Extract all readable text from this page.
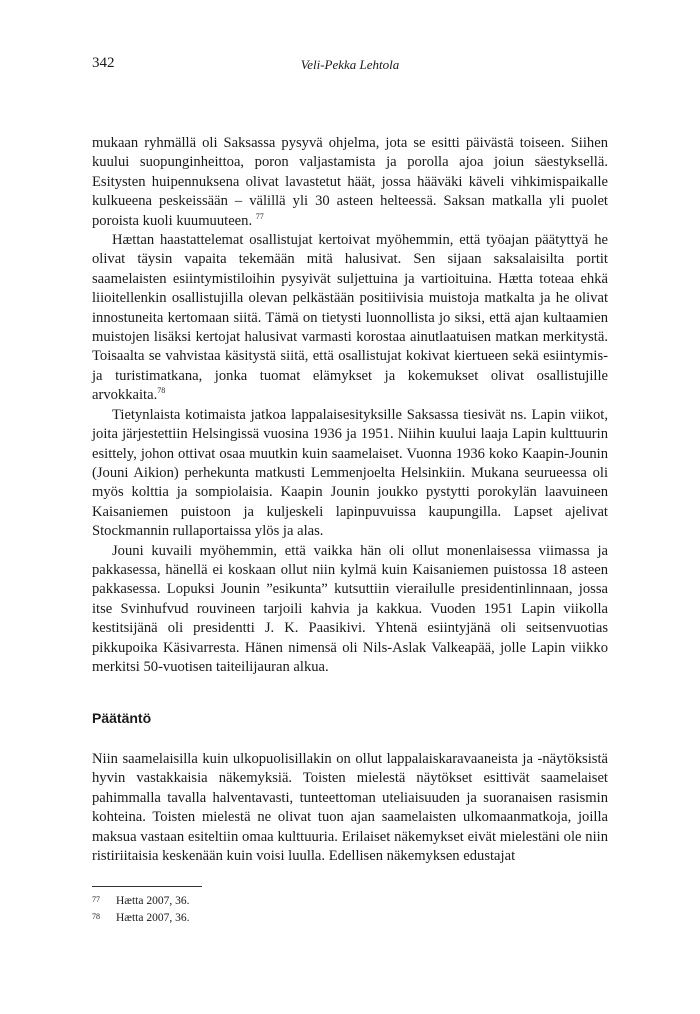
342	Veli-Pekka Lehtola

mukaan ryhmällä oli Saksassa pysyvä ohjelma, jota se esitti päivästä toiseen. Siihen kuului suopunginheittoa, poron valjastamista ja porolla ajoa joiun säestyksellä. Esitysten huipennuksena olivat lavastetut häät, jossa hääväki käveli vihkimispaikalle kulkueena peskeissään – välillä yli 30 asteen helteessä. Saksan matkalla yli puolet poroista kuoli kuumuuteen. $^{77}$

Hættan haastattelemat osallistujat kertoivat myöhemmin, että työajan päätyttyä he olivat täysin vapaita tekemään mitä halusivat. Sen sijaan saksalaisilta portit saamelaisten esiintymistiloihin pysyivät suljettuina ja vartioituina. Hætta toteaa ehkä liioitellenkin osallistujilla olevan pelkästään positiivisia muistoja matkalta ja he olivat innostuneita kertomaan siitä. Tämä on tietysti luonnollista jo siksi, että ajan kultaamien muistojen lisäksi kertojat halusivat varmasti korostaa ainutlaatuisen matkan merkitystä. Toisaalta se vahvistaa käsitystä siitä, että osallistujat kokivat kiertueen sekä esiintymis- ja turistimatkana, jonka tuomat elämykset ja kokemukset olivat osallistujille arvokkaita.$^{78}$

Tietynlaista kotimaista jatkoa lappalaisesityksille Saksassa tiesivät ns. Lapin viikot, joita järjestettiin Helsingissä vuosina 1936 ja 1951. Niihin kuului laaja Lapin kulttuurin esittely, johon ottivat osaa muutkin kuin saamelaiset. Vuonna 1936 koko Kaapin-Jounin (Jouni Aikion) perhekunta matkusti Lemmenjoelta Helsinkiin. Mukana seurueessa oli myös kolttia ja sompiolaisia. Kaapin Jounin joukko pystytti porokylän laavuineen Kaisaniemen puistoon ja kuljeskeli lapinpuvuissa kaupungilla. Lapset ajelivat Stockmannin rullaportaissa ylös ja alas.

Jouni kuvaili myöhemmin, että vaikka hän oli ollut monenlaisessa viimassa ja pakkasessa, hänellä ei koskaan ollut niin kylmä kuin Kaisaniemen puistossa 18 asteen pakkasessa. Lopuksi Jounin ”esikunta” kutsuttiin vierailulle presidentinlinnaan, jossa itse Svinhufvud rouvineen tarjoili kahvia ja kakkua. Vuoden 1951 Lapin viikolla kestitsijänä oli presidentti J. K. Paasikivi. Yhtenä esiintyjänä oli seitsenvuotias pikkupoika Käsivarresta. Hänen nimensä oli Nils-Aslak Valkeapää, jolle Lapin viikko merkitsi 50-vuotisen taiteilijauran alkua.

Päätäntö

Niin saamelaisilla kuin ulkopuolisillakin on ollut lappalaiskaravaaneista ja -näytöksistä hyvin vastakkaisia näkemyksiä. Toisten mielestä näytökset esittivät saamelaiset pahimmalla tavalla halventavasti, tunteettoman uteliaisuuden ja suoranaisen rasismin kohteina. Toisten mielestä ne olivat tuon ajan saamelaisten ulkomaanmatkoja, joilla maksua vastaan esiteltiin omaa kulttuuria. Erilaiset näkemykset eivät mielestäni ole niin ristiriitaisia keskenään kuin voisi luulla. Edellisen näkemyksen edustajat

77	Hætta 2007, 36.
78	Hætta 2007, 36.
